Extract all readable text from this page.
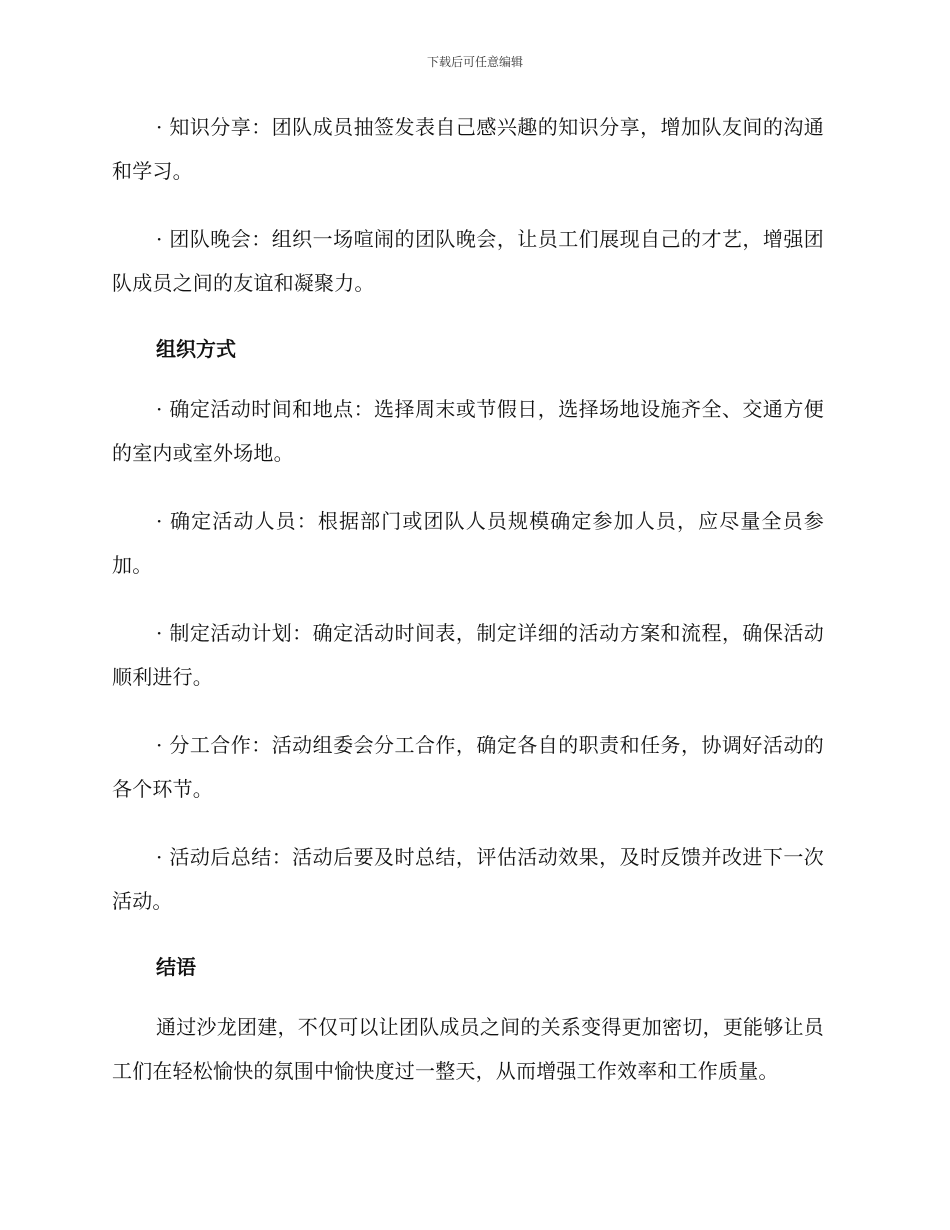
下载后可任意编辑

· 知识分享：团队成员抽签发表自己感兴趣的知识分享，增加队友间的沟通和学习。

· 团队晚会：组织一场喧闹的团队晚会，让员工们展现自己的才艺，增强团队成员之间的友谊和凝聚力。

组织方式

· 确定活动时间和地点：选择周末或节假日，选择场地设施齐全、交通方便的室内或室外场地。

· 确定活动人员：根据部门或团队人员规模确定参加人员，应尽量全员参加。

· 制定活动计划：确定活动时间表，制定详细的活动方案和流程，确保活动顺利进行。

· 分工合作：活动组委会分工合作，确定各自的职责和任务，协调好活动的各个环节。

· 活动后总结：活动后要及时总结，评估活动效果，及时反馈并改进下一次活动。

结语

通过沙龙团建，不仅可以让团队成员之间的关系变得更加密切，更能够让员工们在轻松愉快的氛围中愉快度过一整天，从而增强工作效率和工作质量。
